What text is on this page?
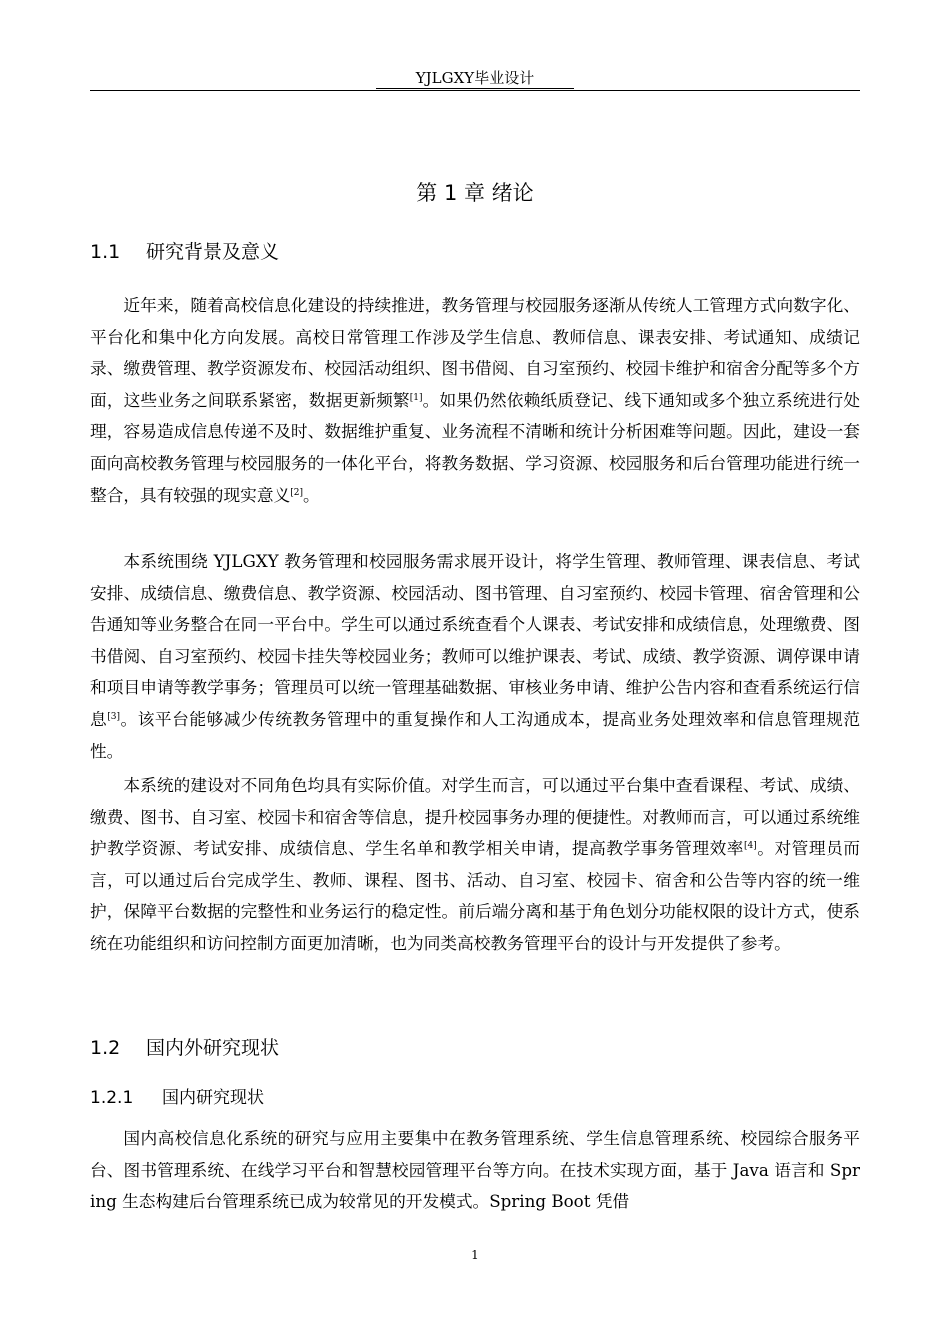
YJLGXY毕业设计
第 1 章 绪论
1.1 研究背景及意义
近年来，随着高校信息化建设的持续推进，教务管理与校园服务逐渐从传统人工管理方式向数字化、平台化和集中化方向发展。高校日常管理工作涉及学生信息、教师信息、课表安排、考试通知、成绩记录、缴费管理、教学资源发布、校园活动组织、图书借阅、自习室预约、校园卡维护和宿舍分配等多个方面，这些业务之间联系紧密，数据更新频繁[1]。如果仍然依赖纸质登记、线下通知或多个独立系统进行处理，容易造成信息传递不及时、数据维护重复、业务流程不清晰和统计分析困难等问题。因此，建设一套面向高校教务管理与校园服务的一体化平台，将教务数据、学习资源、校园服务和后台管理功能进行统一整合，具有较强的现实意义[2]。
本系统围绕 YJLGXY 教务管理和校园服务需求展开设计，将学生管理、教师管理、课表信息、考试安排、成绩信息、缴费信息、教学资源、校园活动、图书管理、自习室预约、校园卡管理、宿舍管理和公告通知等业务整合在同一平台中。学生可以通过系统查看个人课表、考试安排和成绩信息，处理缴费、图书借阅、自习室预约、校园卡挂失等校园业务；教师可以维护课表、考试、成绩、教学资源、调停课申请和项目申请等教学事务；管理员可以统一管理基础数据、审核业务申请、维护公告内容和查看系统运行信息[3]。该平台能够减少传统教务管理中的重复操作和人工沟通成本，提高业务处理效率和信息管理规范性。
本系统的建设对不同角色均具有实际价值。对学生而言，可以通过平台集中查看课程、考试、成绩、缴费、图书、自习室、校园卡和宿舍等信息，提升校园事务办理的便捷性。对教师而言，可以通过系统维护教学资源、考试安排、成绩信息、学生名单和教学相关申请，提高教学事务管理效率[4]。对管理员而言，可以通过后台完成学生、教师、课程、图书、活动、自习室、校园卡、宿舍和公告等内容的统一维护，保障平台数据的完整性和业务运行的稳定性。前后端分离和基于角色划分功能权限的设计方式，使系统在功能组织和访问控制方面更加清晰，也为同类高校教务管理平台的设计与开发提供了参考。
1.2 国内外研究现状
1.2.1 国内研究现状
国内高校信息化系统的研究与应用主要集中在教务管理系统、学生信息管理系统、校园综合服务平台、图书管理系统、在线学习平台和智慧校园管理平台等方向。在技术实现方面，基于 Java 语言和 Spring 生态构建后台管理系统已成为较常见的开发模式。Spring Boot 凭借
1
